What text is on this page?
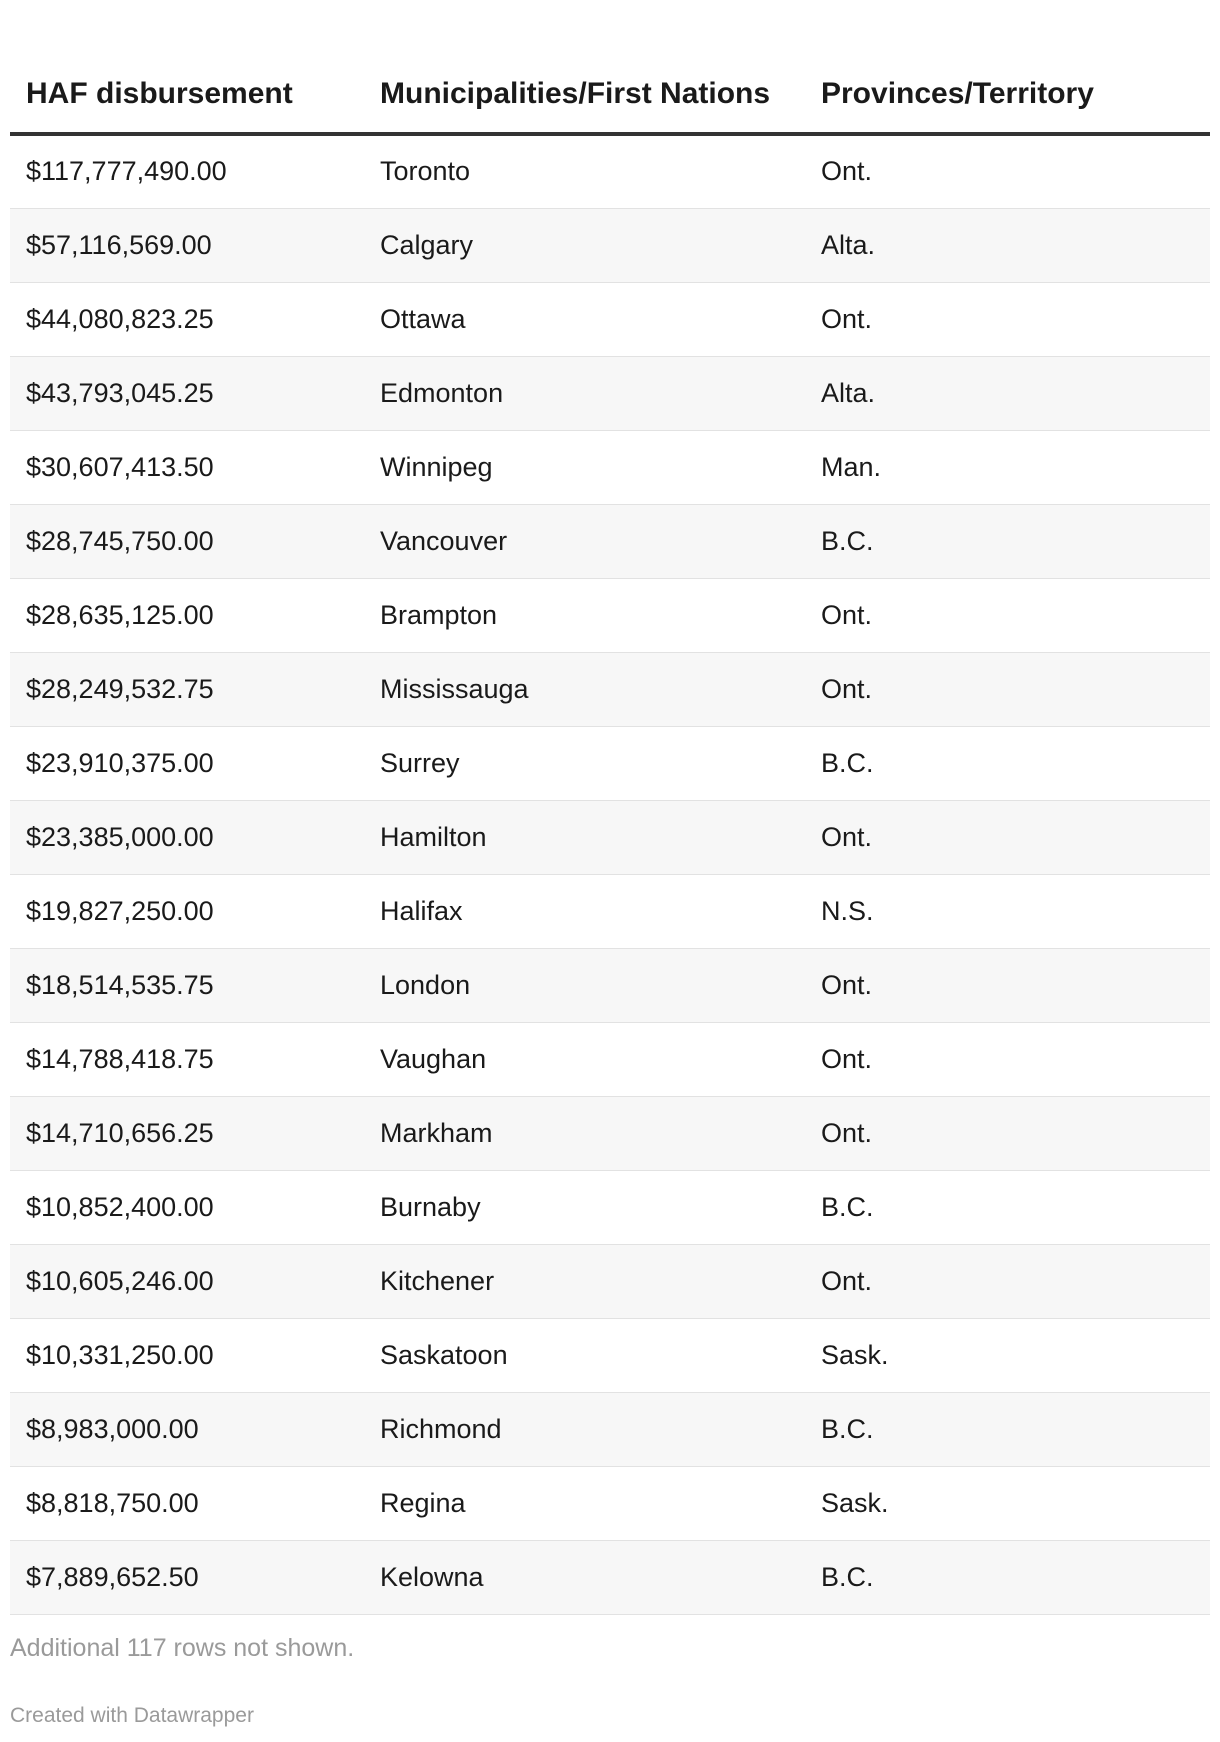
HAF disbursement	Municipalities/First Nations	Provinces/Territory
$117,777,490.00	Toronto	Ont.
$57,116,569.00	Calgary	Alta.
$44,080,823.25	Ottawa	Ont.
$43,793,045.25	Edmonton	Alta.
$30,607,413.50	Winnipeg	Man.
$28,745,750.00	Vancouver	B.C.
$28,635,125.00	Brampton	Ont.
$28,249,532.75	Mississauga	Ont.
$23,910,375.00	Surrey	B.C.
$23,385,000.00	Hamilton	Ont.
$19,827,250.00	Halifax	N.S.
$18,514,535.75	London	Ont.
$14,788,418.75	Vaughan	Ont.
$14,710,656.25	Markham	Ont.
$10,852,400.00	Burnaby	B.C.
$10,605,246.00	Kitchener	Ont.
$10,331,250.00	Saskatoon	Sask.
$8,983,000.00	Richmond	B.C.
$8,818,750.00	Regina	Sask.
$7,889,652.50	Kelowna	B.C.
Additional 117 rows not shown.
Created with Datawrapper
